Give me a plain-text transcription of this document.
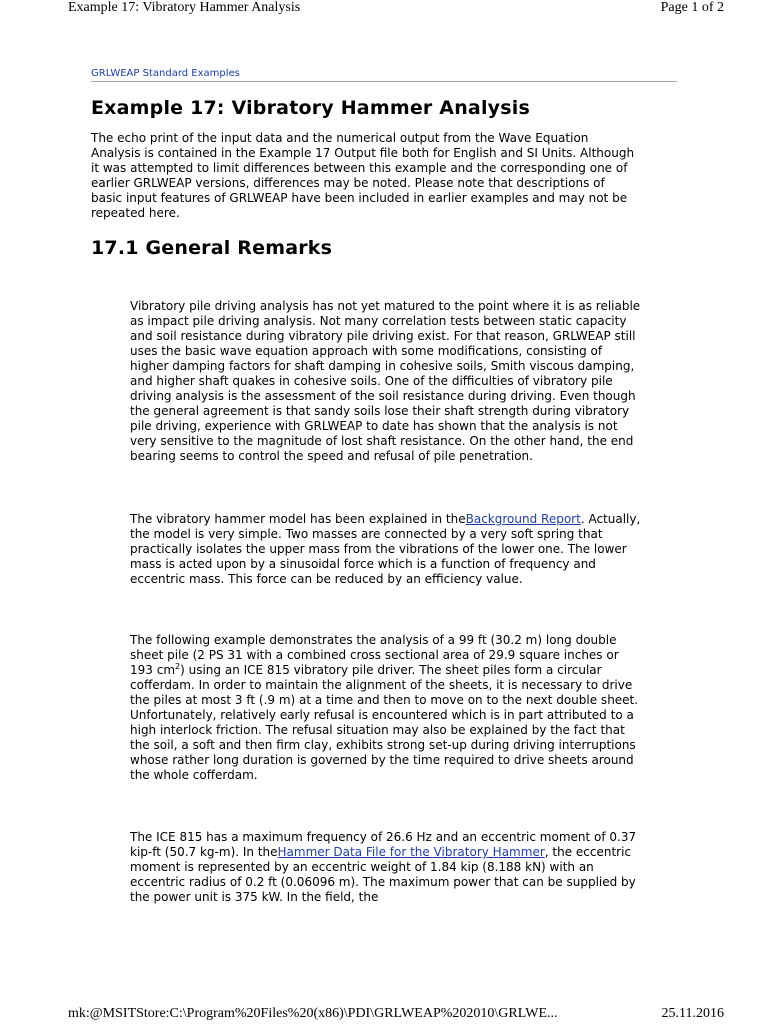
Example 17: Vibratory Hammer Analysis	Page 1 of 2
GRLWEAP Standard Examples
Example 17: Vibratory Hammer Analysis

The echo print of the input data and the numerical output from the Wave Equation Analysis is contained in the Example 17 Output file both for English and SI Units. Although it was attempted to limit differences between this example and the corresponding one of earlier GRLWEAP versions, differences may be noted. Please note that descriptions of basic input features of GRLWEAP have been included in earlier examples and may not be repeated here.

17.1 General Remarks

Vibratory pile driving analysis has not yet matured to the point where it is as reliable as impact pile driving analysis. Not many correlation tests between static capacity and soil resistance during vibratory pile driving exist. For that reason, GRLWEAP still uses the basic wave equation approach with some modifications, consisting of higher damping factors for shaft damping in cohesive soils, Smith viscous damping, and higher shaft quakes in cohesive soils. One of the difficulties of vibratory pile driving analysis is the assessment of the soil resistance during driving. Even though the general agreement is that sandy soils lose their shaft strength during vibratory pile driving, experience with GRLWEAP to date has shown that the analysis is not very sensitive to the magnitude of lost shaft resistance. On the other hand, the end bearing seems to control the speed and refusal of pile penetration.

The vibratory hammer model has been explained in theBackground Report. Actually, the model is very simple. Two masses are connected by a very soft spring that practically isolates the upper mass from the vibrations of the lower one. The lower mass is acted upon by a sinusoidal force which is a function of frequency and eccentric mass. This force can be reduced by an efficiency value.

The following example demonstrates the analysis of a 99 ft (30.2 m) long double sheet pile (2 PS 31 with a combined cross sectional area of 29.9 square inches or 193 $cm^2$) using an ICE 815 vibratory pile driver. The sheet piles form a circular cofferdam. In order to maintain the alignment of the sheets, it is necessary to drive the piles at most 3 ft (.9 m) at a time and then to move on to the next double sheet. Unfortunately, relatively early refusal is encountered which is in part attributed to a high interlock friction. The refusal situation may also be explained by the fact that the soil, a soft and then firm clay, exhibits strong set-up during driving interruptions whose rather long duration is governed by the time required to drive sheets around the whole cofferdam.

The ICE 815 has a maximum frequency of 26.6 Hz and an eccentric moment of 0.37 kip-ft (50.7 kg-m). In theHammer Data File for the Vibratory Hammer, the eccentric moment is represented by an eccentric weight of 1.84 kip (8.188 kN) with an eccentric radius of 0.2 ft (0.06096 m). The maximum power that can be supplied by the power unit is 375 kW. In the field, the

mk:@MSITStore:C:\Program%20Files%20(x86)\PDI\GRLWEAP%202010\GRLWE...	25.11.2016
